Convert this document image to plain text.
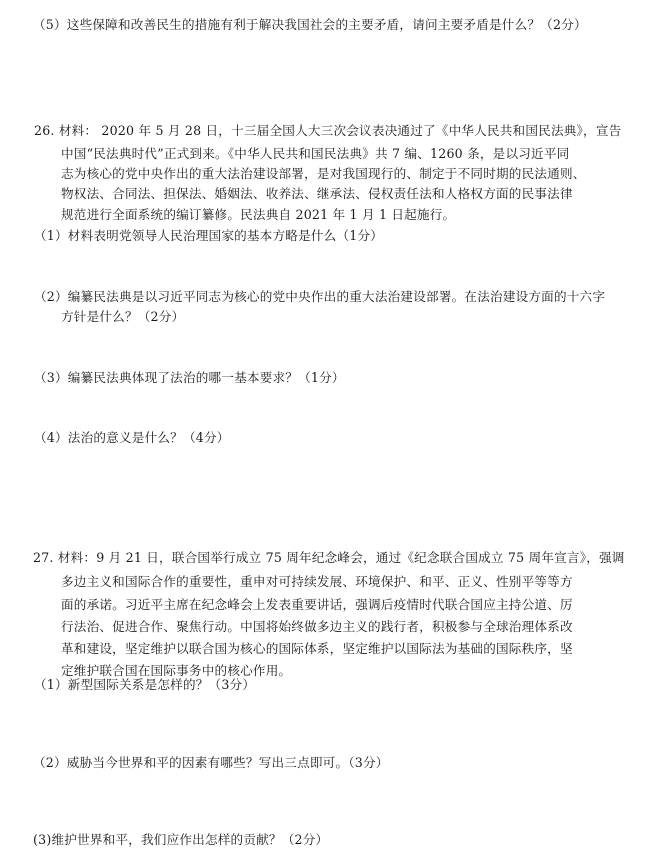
（5）这些保障和改善民生的措施有利于解决我国社会的主要矛盾，请问主要矛盾是什么？（2分）
26. 材料： 2020 年 5 月 28 日，十三届全国人大三次会议表决通过了《中华人民共和国民法典》，宣告
中国“民法典时代”正式到来。《中华人民共和国民法典》共 7 编、1260 条，是以习近平同
志为核心的党中央作出的重大法治建设部署，是对我国现行的、制定于不同时期的民法通则、
物权法、合同法、担保法、婚姻法、收养法、继承法、侵权责任法和人格权方面的民事法律
规范进行全面系统的编订纂修。民法典自 2021 年 1 月 1 日起施行。
（1）材料表明党领导人民治理国家的基本方略是什么（1分）
（2）编纂民法典是以习近平同志为核心的党中央作出的重大法治建设部署。在法治建设方面的十六字
方针是什么？（2分）
（3）编纂民法典体现了法治的哪一基本要求？（1分）
（4）法治的意义是什么？（4分）
27. 材料：9 月 21 日，联合国举行成立 75 周年纪念峰会，通过《纪念联合国成立 75 周年宣言》，强调
多边主义和国际合作的重要性，重申对可持续发展、环境保护、和平、正义、性别平等等方
面的承诺。习近平主席在纪念峰会上发表重要讲话，强调后疫情时代联合国应主持公道、厉
行法治、促进合作、聚焦行动。中国将始终做多边主义的践行者，积极参与全球治理体系改
革和建设，坚定维护以联合国为核心的国际体系，坚定维护以国际法为基础的国际秩序，坚
定维护联合国在国际事务中的核心作用。
（1）新型国际关系是怎样的？（3分）
（2）威胁当今世界和平的因素有哪些？写出三点即可。（3分）
(3)维护世界和平，我们应作出怎样的贡献？（2分）
